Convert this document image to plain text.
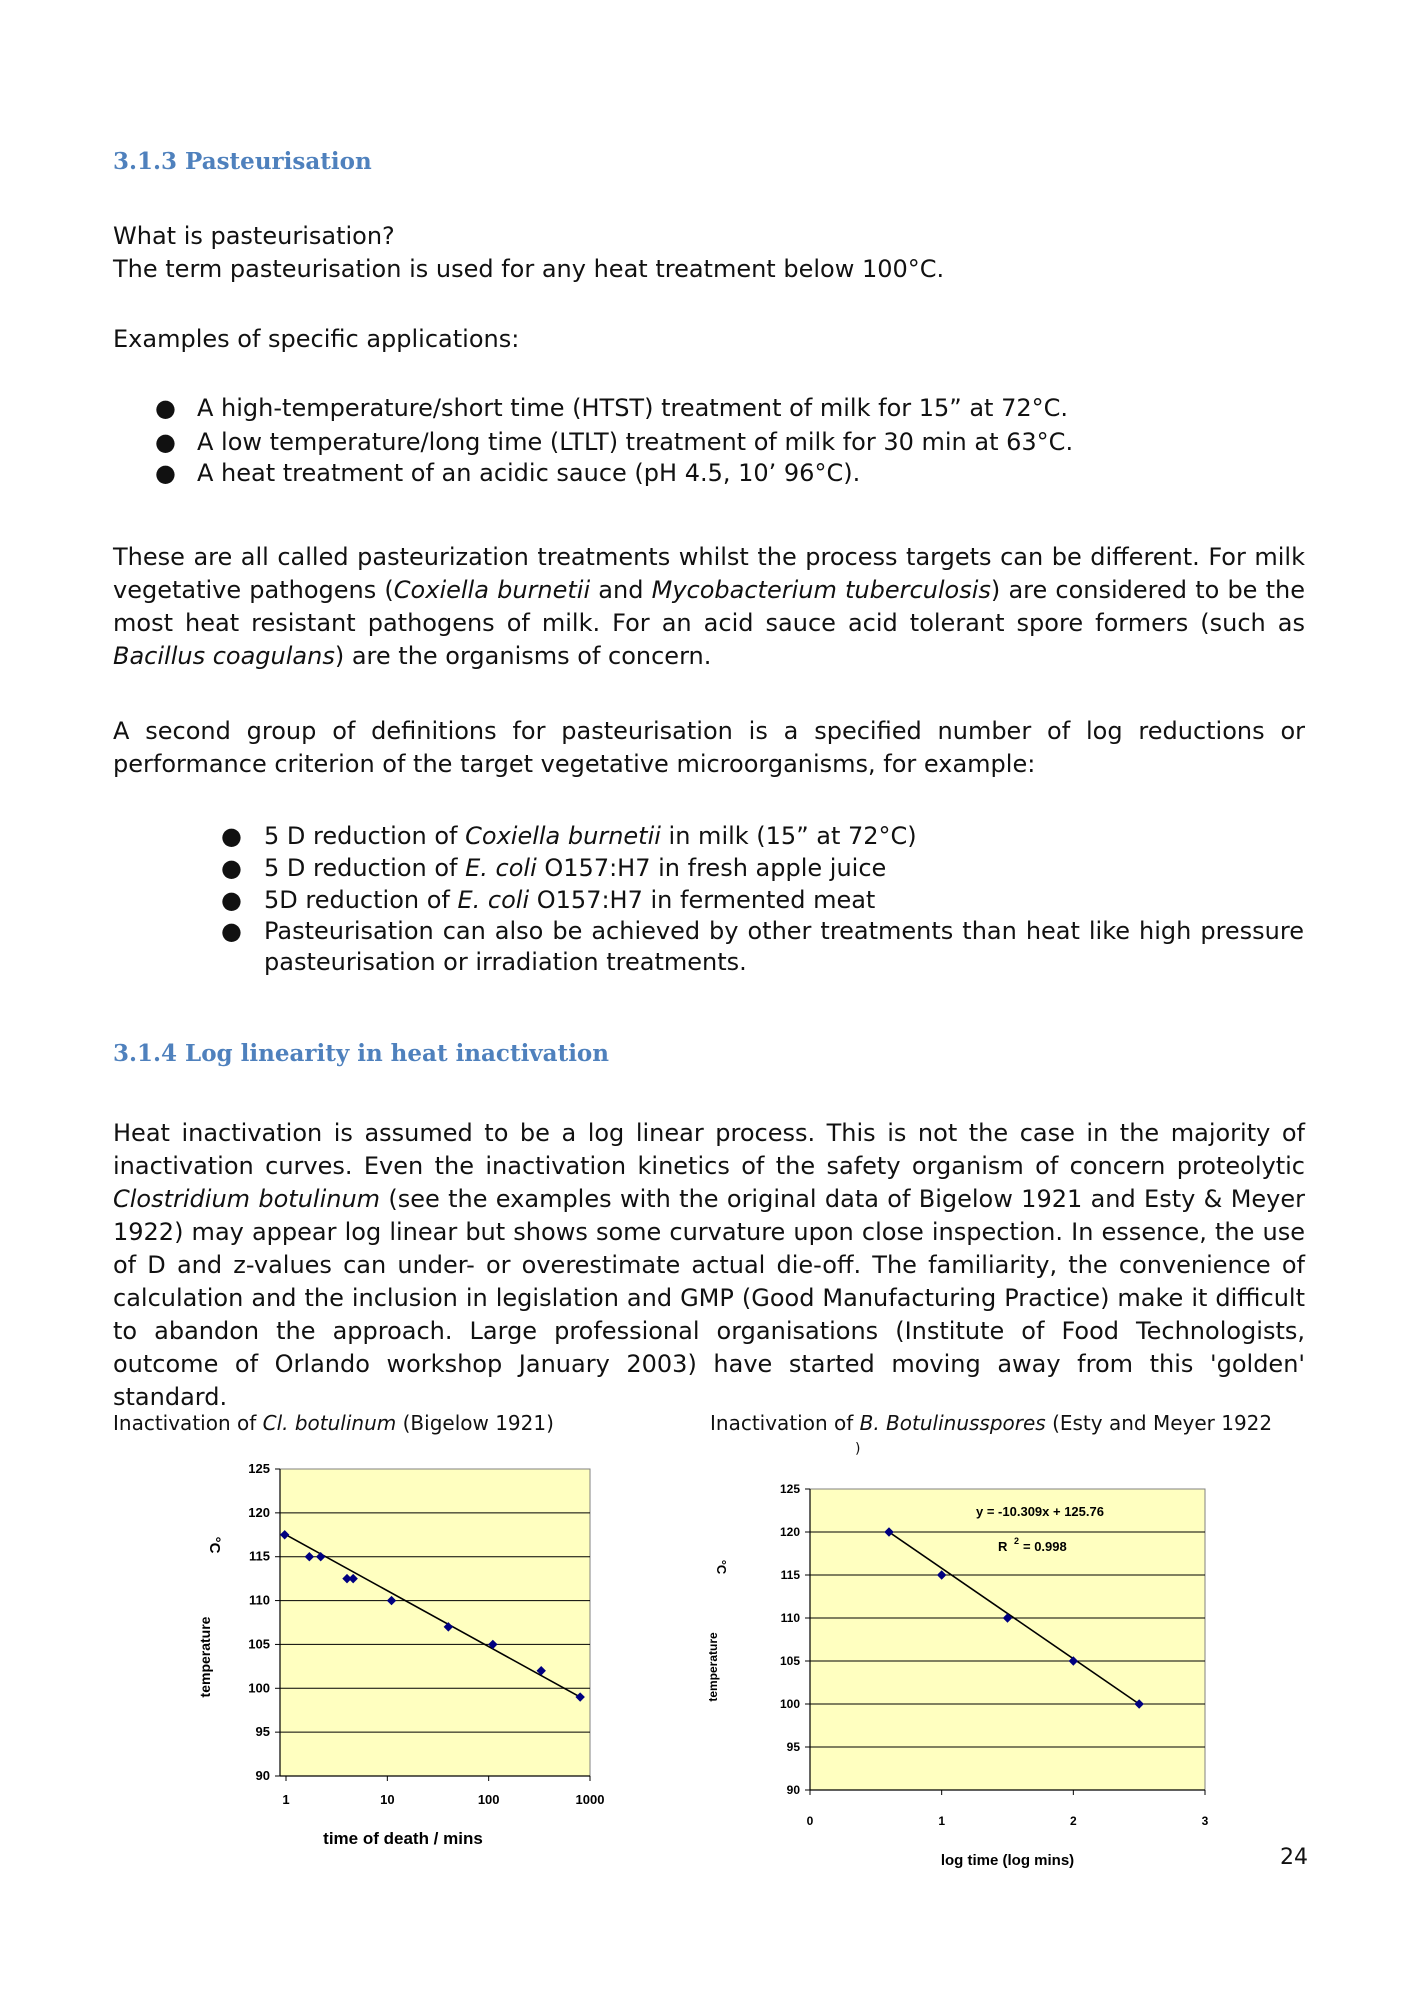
3.1.3 Pasteurisation
What is pasteurisation?
The term pasteurisation is used for any heat treatment below 100°C.
Examples of specific applications:
● A high-temperature/short time (HTST) treatment of milk for 15” at 72°C.
● A low temperature/long time (LTLT) treatment of milk for 30 min at 63°C.
● A heat treatment of an acidic sauce (pH 4.5, 10’ 96°C).
These are all called pasteurization treatments whilst the process targets can be different. For milk vegetative pathogens (Coxiella burnetii and Mycobacterium tuberculosis) are considered to be the most heat resistant pathogens of milk. For an acid sauce acid tolerant spore formers (such as Bacillus coagulans) are the organisms of concern.
A second group of definitions for pasteurisation is a specified number of log reductions or performance criterion of the target vegetative microorganisms, for example:
● 5 D reduction of Coxiella burnetii in milk (15” at 72°C)
● 5 D reduction of E. coli O157:H7 in fresh apple juice
● 5D reduction of E. coli O157:H7 in fermented meat
● Pasteurisation can also be achieved by other treatments than heat like high pressure pasteurisation or irradiation treatments.
3.1.4 Log linearity in heat inactivation
Heat inactivation is assumed to be a log linear process. This is not the case in the majority of inactivation curves. Even the inactivation kinetics of the safety organism of concern proteolytic Clostridium botulinum (see the examples with the original data of Bigelow 1921 and Esty & Meyer 1922) may appear log linear but shows some curvature upon close inspection. In essence, the use of D and z-values can under- or overestimate actual die-off. The familiarity, the convenience of calculation and the inclusion in legislation and GMP (Good Manufacturing Practice) make it difficult to abandon the approach. Large professional organisations (Institute of Food Technologists, outcome of Orlando workshop January 2003) have started moving away from this 'golden' standard.
Inactivation of Cl. botulinum (Bigelow 1921)	Inactivation of B. Botulinusspores (Esty and Meyer 1922
)
90
95
100
105
110
115
120
125
1	10	100	1000
time of death / mins
temperature
°C
90
95
100
105
110
115
120
125
0	1	2	3
log time (log mins)
temperature
°C
y = -10.309x + 125.76
R 2 = 0.998
24
